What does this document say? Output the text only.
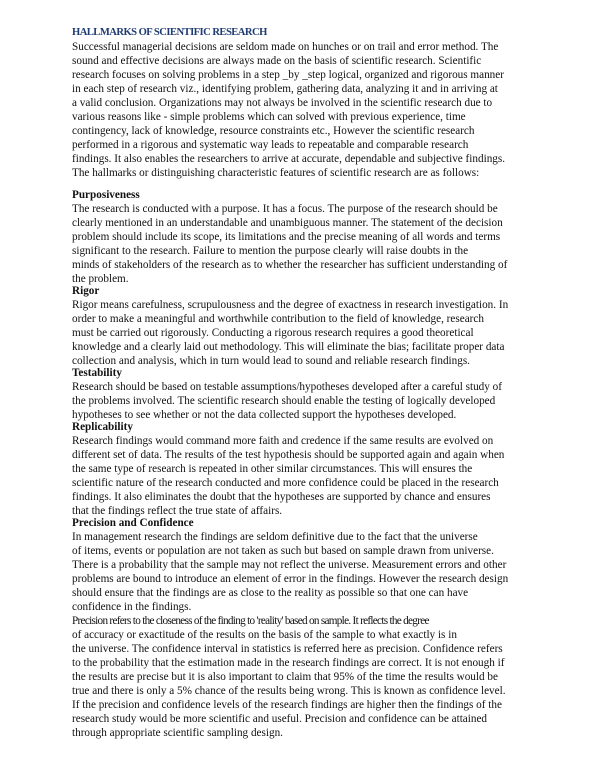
HALLMARKS OF SCIENTIFIC RESEARCH

Successful managerial decisions are seldom made on hunches or on trail and error method. The

sound and effective decisions are always made on the basis of scientific research. Scientific

research focuses on solving problems in a step _by _step logical, organized and rigorous manner

in each step of research viz., identifying problem, gathering data, analyzing it and in arriving at

a valid conclusion. Organizations may not always be involved in the scientific research due to

various reasons like - simple problems which can solved with previous experience, time

contingency, lack of knowledge, resource constraints etc., However the scientific research

performed in a rigorous and systematic way leads to repeatable and comparable research

findings. It also enables the researchers to arrive at accurate, dependable and subjective findings.

The hallmarks or distinguishing characteristic features of scientific research are as follows:

Purposiveness

The research is conducted with a purpose. It has a focus. The purpose of the research should be

clearly mentioned in an understandable and unambiguous manner. The statement of the decision

problem should include its scope, its limitations and the precise meaning of all words and terms

significant to the research. Failure to mention the purpose clearly will raise doubts in the

minds of stakeholders of the research as to whether the researcher has sufficient understanding of

the problem.

Rigor

Rigor means carefulness, scrupulousness and the degree of exactness in research investigation. In

order to make a meaningful and worthwhile contribution to the field of knowledge, research

must be carried out rigorously. Conducting a rigorous research requires a good theoretical

knowledge and a clearly laid out methodology. This will eliminate the bias; facilitate proper data

collection and analysis, which in turn would lead to sound and reliable research findings.

Testability

Research should be based on testable assumptions/hypotheses developed after a careful study of

the problems involved. The scientific research should enable the testing of logically developed

hypotheses to see whether or not the data collected support the hypotheses developed.

Replicability

Research findings would command more faith and credence if the same results are evolved on

different set of data. The results of the test hypothesis should be supported again and again when

the same type of research is repeated in other similar circumstances. This will ensures the

scientific nature of the research conducted and more confidence could be placed in the research

findings. It also eliminates the doubt that the hypotheses are supported by chance and ensures

that the findings reflect the true state of affairs.

Precision and Confidence

In management research the findings are seldom definitive due to the fact that the universe

of items, events or population are not taken as such but based on sample drawn from universe.

There is a probability that the sample may not reflect the universe. Measurement errors and other

problems are bound to introduce an element of error in the findings. However the research design

should ensure that the findings are as close to the reality as possible so that one can have

confidence in the findings.

Precision refers to the closeness of the finding to 'reality' based on sample. It reflects the degree

of accuracy or exactitude of the results on the basis of the sample to what exactly is in

the universe. The confidence interval in statistics is referred here as precision. Confidence refers

to the probability that the estimation made in the research findings are correct. It is not enough if

the results are precise but it is also important to claim that 95% of the time the results would be

true and there is only a 5% chance of the results being wrong. This is known as confidence level.

If the precision and confidence levels of the research findings are higher then the findings of the

research study would be more scientific and useful. Precision and confidence can be attained

through appropriate scientific sampling design.
